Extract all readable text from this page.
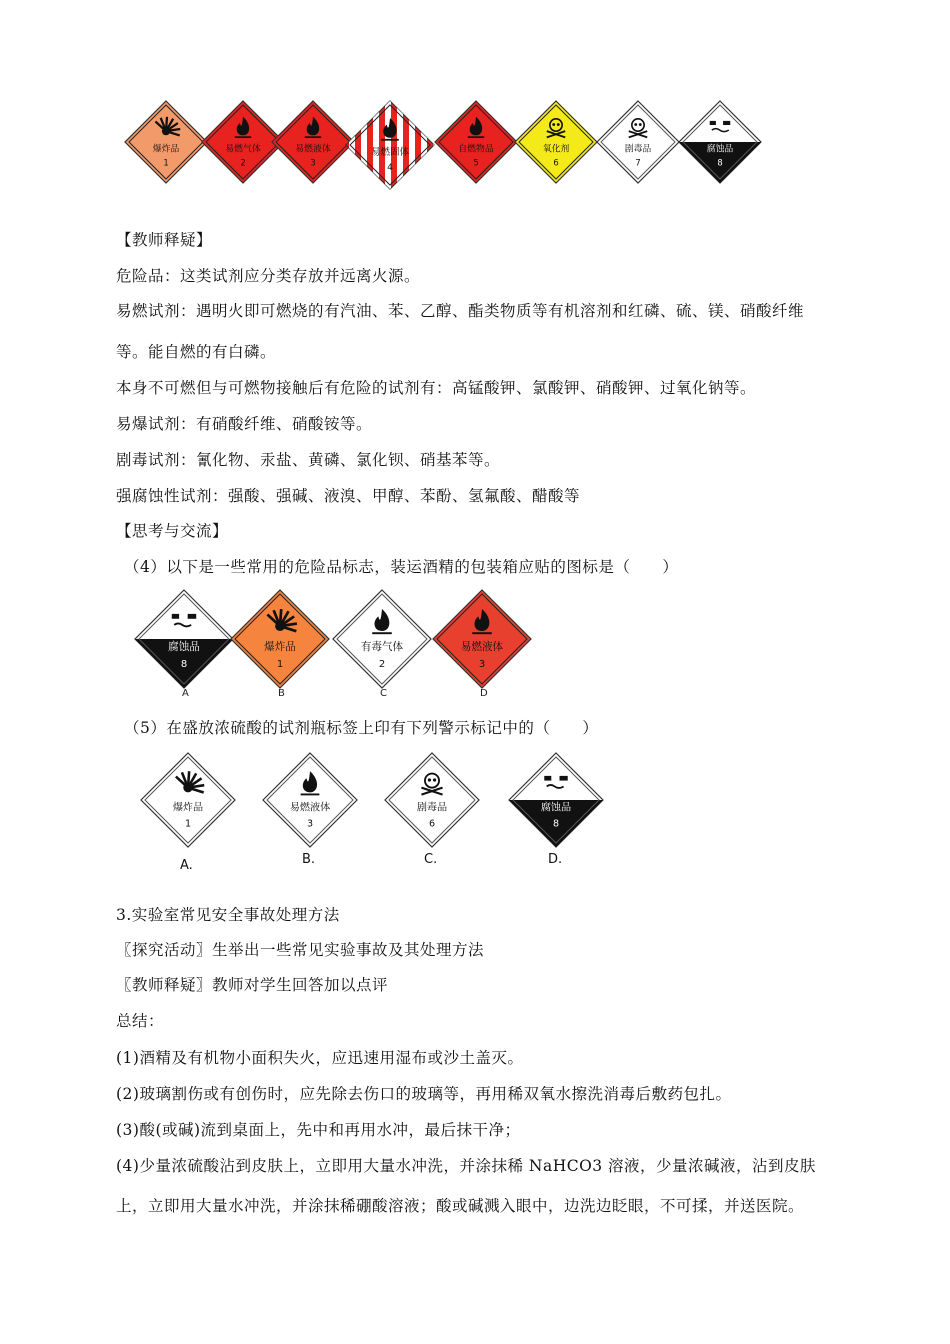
爆炸品
1
易燃气体
2
易燃液体
3
易燃固体
4
自燃物品
5
氧化剂
6
剧毒品
7
腐蚀品
8
【教师释疑】
危险品：这类试剂应分类存放并远离火源。
易燃试剂：遇明火即可燃烧的有汽油、苯、乙醇、酯类物质等有机溶剂和红磷、硫、镁、硝酸纤维
等。能自燃的有白磷。
本身不可燃但与可燃物接触后有危险的试剂有：高锰酸钾、氯酸钾、硝酸钾、过氧化钠等。
易爆试剂：有硝酸纤维、硝酸铵等。
剧毒试剂：氰化物、汞盐、黄磷、氯化钡、硝基苯等。
强腐蚀性试剂：强酸、强碱、液溴、甲醇、苯酚、氢氟酸、醋酸等
【思考与交流】
（4）以下是一些常用的危险品标志，装运酒精的包装箱应贴的图标是（　　）
腐蚀品
8
A
爆炸品
1
B
有毒气体
2
C
易燃液体
3
D
（5）在盛放浓硫酸的试剂瓶标签上印有下列警示标记中的（　　）
爆炸品
1
A.
易燃液体
3
B.
剧毒品
6
C.
腐蚀品
8
D.
3.实验室常见安全事故处理方法
〖探究活动〗生举出一些常见实验事故及其处理方法
〖教师释疑〗教师对学生回答加以点评
总结：
(1)酒精及有机物小面积失火，应迅速用湿布或沙土盖灭。
(2)玻璃割伤或有创伤时，应先除去伤口的玻璃等，再用稀双氧水擦洗消毒后敷药包扎。
(3)酸(或碱)流到桌面上，先中和再用水冲，最后抹干净；
(4)少量浓硫酸沾到皮肤上，立即用大量水冲洗，并涂抹稀 NaHCO3 溶液，少量浓碱液，沾到皮肤
上，立即用大量水冲洗，并涂抹稀硼酸溶液；酸或碱溅入眼中，边洗边眨眼，不可揉，并送医院。
